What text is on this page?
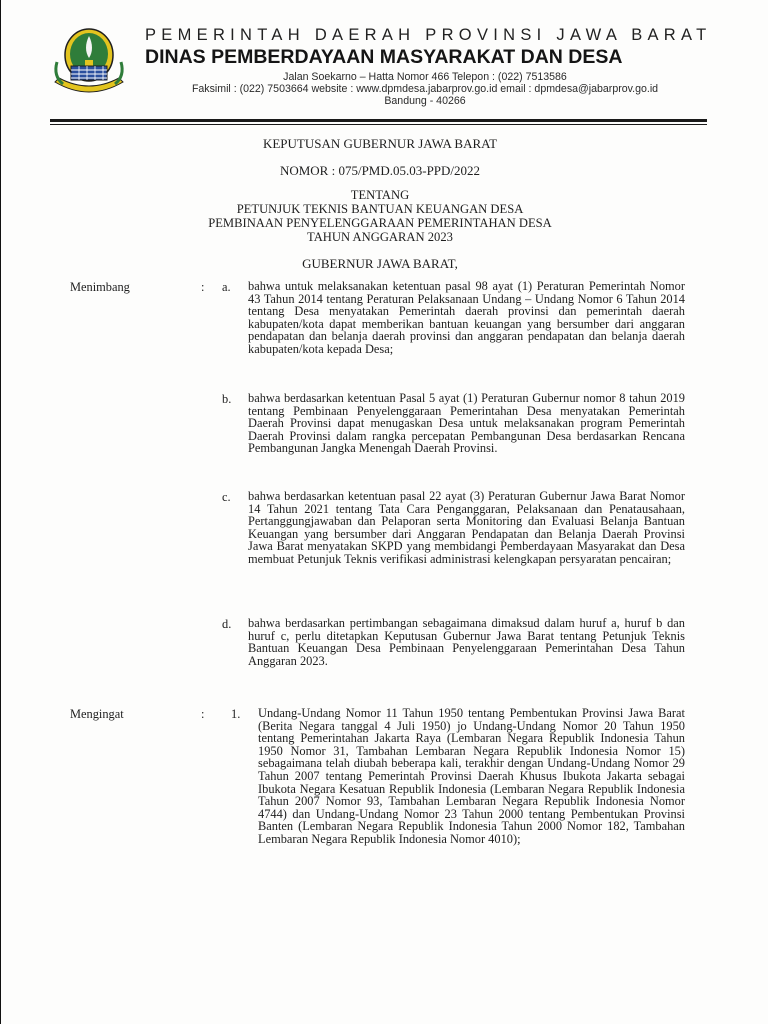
PEMERINTAH DAERAH PROVINSI JAWA BARAT
DINAS PEMBERDAYAAN MASYARAKAT DAN DESA
Jalan Soekarno – Hatta Nomor 466 Telepon : (022) 7513586
Faksimil : (022) 7503664 website : www.dpmdesa.jabarprov.go.id email : dpmdesa@jabarprov.go.id
Bandung - 40266
KEPUTUSAN GUBERNUR JAWA BARAT
NOMOR : 075/PMD.05.03-PPD/2022
TENTANG
PETUNJUK TEKNIS BANTUAN KEUANGAN DESA
PEMBINAAN PENYELENGGARAAN PEMERINTAHAN DESA
TAHUN ANGGARAN 2023
GUBERNUR JAWA BARAT,
Menimbang	: a. bahwa untuk melaksanakan ketentuan pasal 98 ayat (1) Peraturan Pemerintah Nomor 43 Tahun 2014 tentang Peraturan Pelaksanaan Undang – Undang Nomor 6 Tahun 2014 tentang Desa menyatakan Pemerintah daerah provinsi dan pemerintah daerah kabupaten/kota dapat memberikan bantuan keuangan yang bersumber dari anggaran pendapatan dan belanja daerah provinsi dan anggaran pendapatan dan belanja daerah kabupaten/kota kepada Desa;
b. bahwa berdasarkan ketentuan Pasal 5 ayat (1) Peraturan Gubernur nomor 8 tahun 2019 tentang Pembinaan Penyelenggaraan Pemerintahan Desa menyatakan Pemerintah Daerah Provinsi dapat menugaskan Desa untuk melaksanakan program Pemerintah Daerah Provinsi dalam rangka percepatan Pembangunan Desa berdasarkan Rencana Pembangunan Jangka Menengah Daerah Provinsi.
c. bahwa berdasarkan ketentuan pasal 22 ayat (3) Peraturan Gubernur Jawa Barat Nomor 14 Tahun 2021 tentang Tata Cara Penganggaran, Pelaksanaan dan Penatausahaan, Pertanggungjawaban dan Pelaporan serta Monitoring dan Evaluasi Belanja Bantuan Keuangan yang bersumber dari Anggaran Pendapatan dan Belanja Daerah Provinsi Jawa Barat menyatakan SKPD yang membidangi Pemberdayaan Masyarakat dan Desa membuat Petunjuk Teknis verifikasi administrasi kelengkapan persyaratan pencairan;
d. bahwa berdasarkan pertimbangan sebagaimana dimaksud dalam huruf a, huruf b dan huruf c, perlu ditetapkan Keputusan Gubernur Jawa Barat tentang Petunjuk Teknis Bantuan Keuangan Desa Pembinaan Penyelenggaraan Pemerintahan Desa Tahun Anggaran 2023.
Mengingat	: 1. Undang-Undang Nomor 11 Tahun 1950 tentang Pembentukan Provinsi Jawa Barat (Berita Negara tanggal 4 Juli 1950) jo Undang-Undang Nomor 20 Tahun 1950 tentang Pemerintahan Jakarta Raya (Lembaran Negara Republik Indonesia Tahun 1950 Nomor 31, Tambahan Lembaran Negara Republik Indonesia Nomor 15) sebagaimana telah diubah beberapa kali, terakhir dengan Undang-Undang Nomor 29 Tahun 2007 tentang Pemerintah Provinsi Daerah Khusus Ibukota Jakarta sebagai Ibukota Negara Kesatuan Republik Indonesia (Lembaran Negara Republik Indonesia Tahun 2007 Nomor 93, Tambahan Lembaran Negara Republik Indonesia Nomor 4744) dan Undang-Undang Nomor 23 Tahun 2000 tentang Pembentukan Provinsi Banten (Lembaran Negara Republik Indonesia Tahun 2000 Nomor 182, Tambahan Lembaran Negara Republik Indonesia Nomor 4010);
